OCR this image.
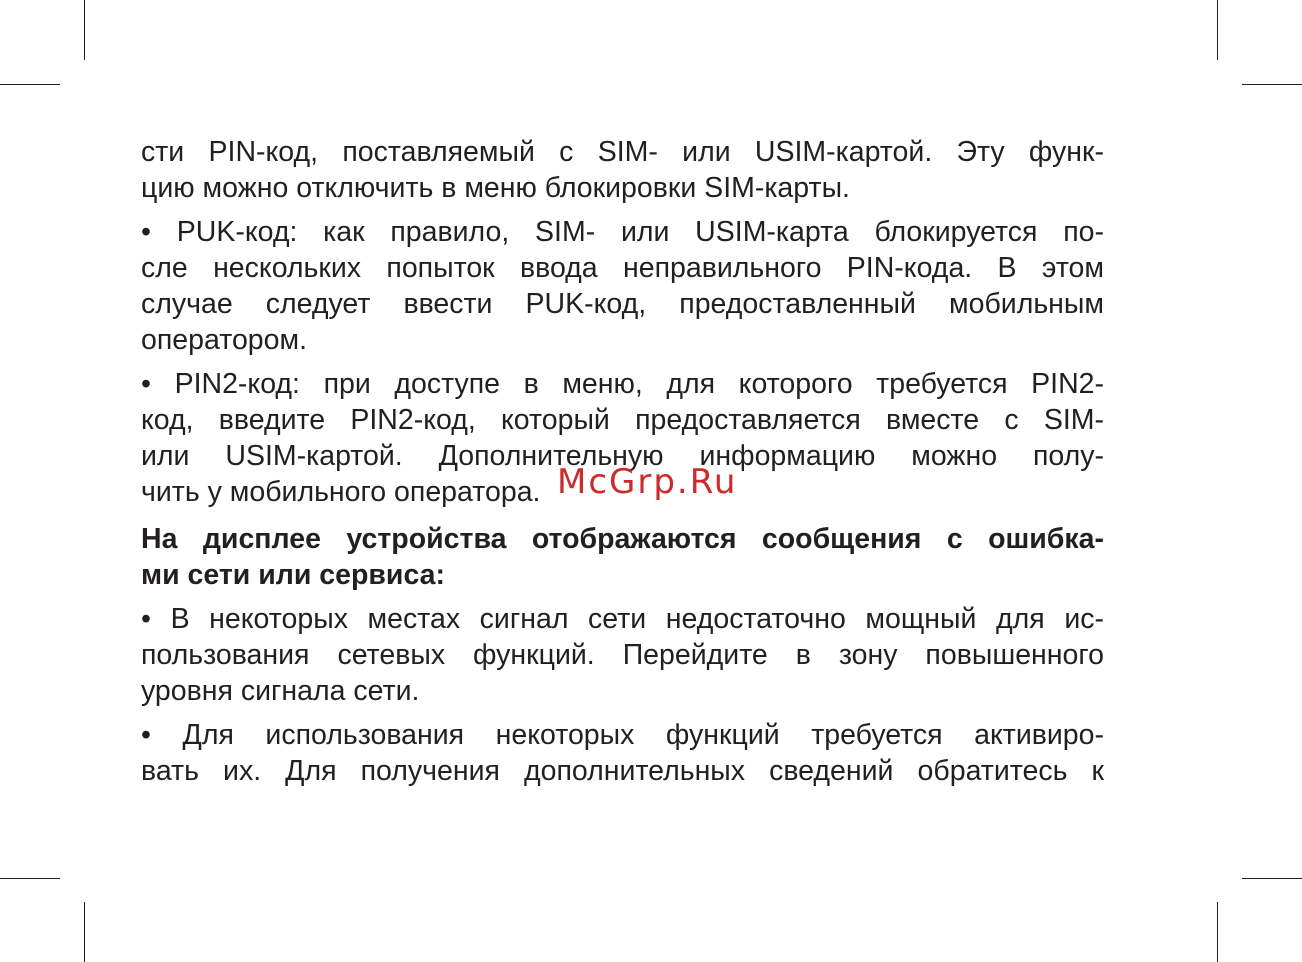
сти PIN-код, поставляемый с SIM- или USIM-картой. Эту функ-
цию можно отключить в меню блокировки SIM-карты.
• PUK-код: как правило, SIM- или USIM-карта блокируется по-
сле нескольких попыток ввода неправильного PIN-кода. В этом
случае следует ввести PUK-код, предоставленный мобильным
оператором.
• PIN2-код: при доступе в меню, для которого требуется PIN2-
код, введите PIN2-код, который предоставляется вместе с SIM-
или USIM-картой. Дополнительную информацию можно полу-
чить у мобильного оператора.
На дисплее устройства отображаются сообщения с ошибка-
ми сети или сервиса:
• В некоторых местах сигнал сети недостаточно мощный для ис-
пользования сетевых функций. Перейдите в зону повышенного
уровня сигнала сети.
• Для использования некоторых функций требуется активиро-
вать их. Для получения дополнительных сведений обратитесь к
McGrp.Ru
